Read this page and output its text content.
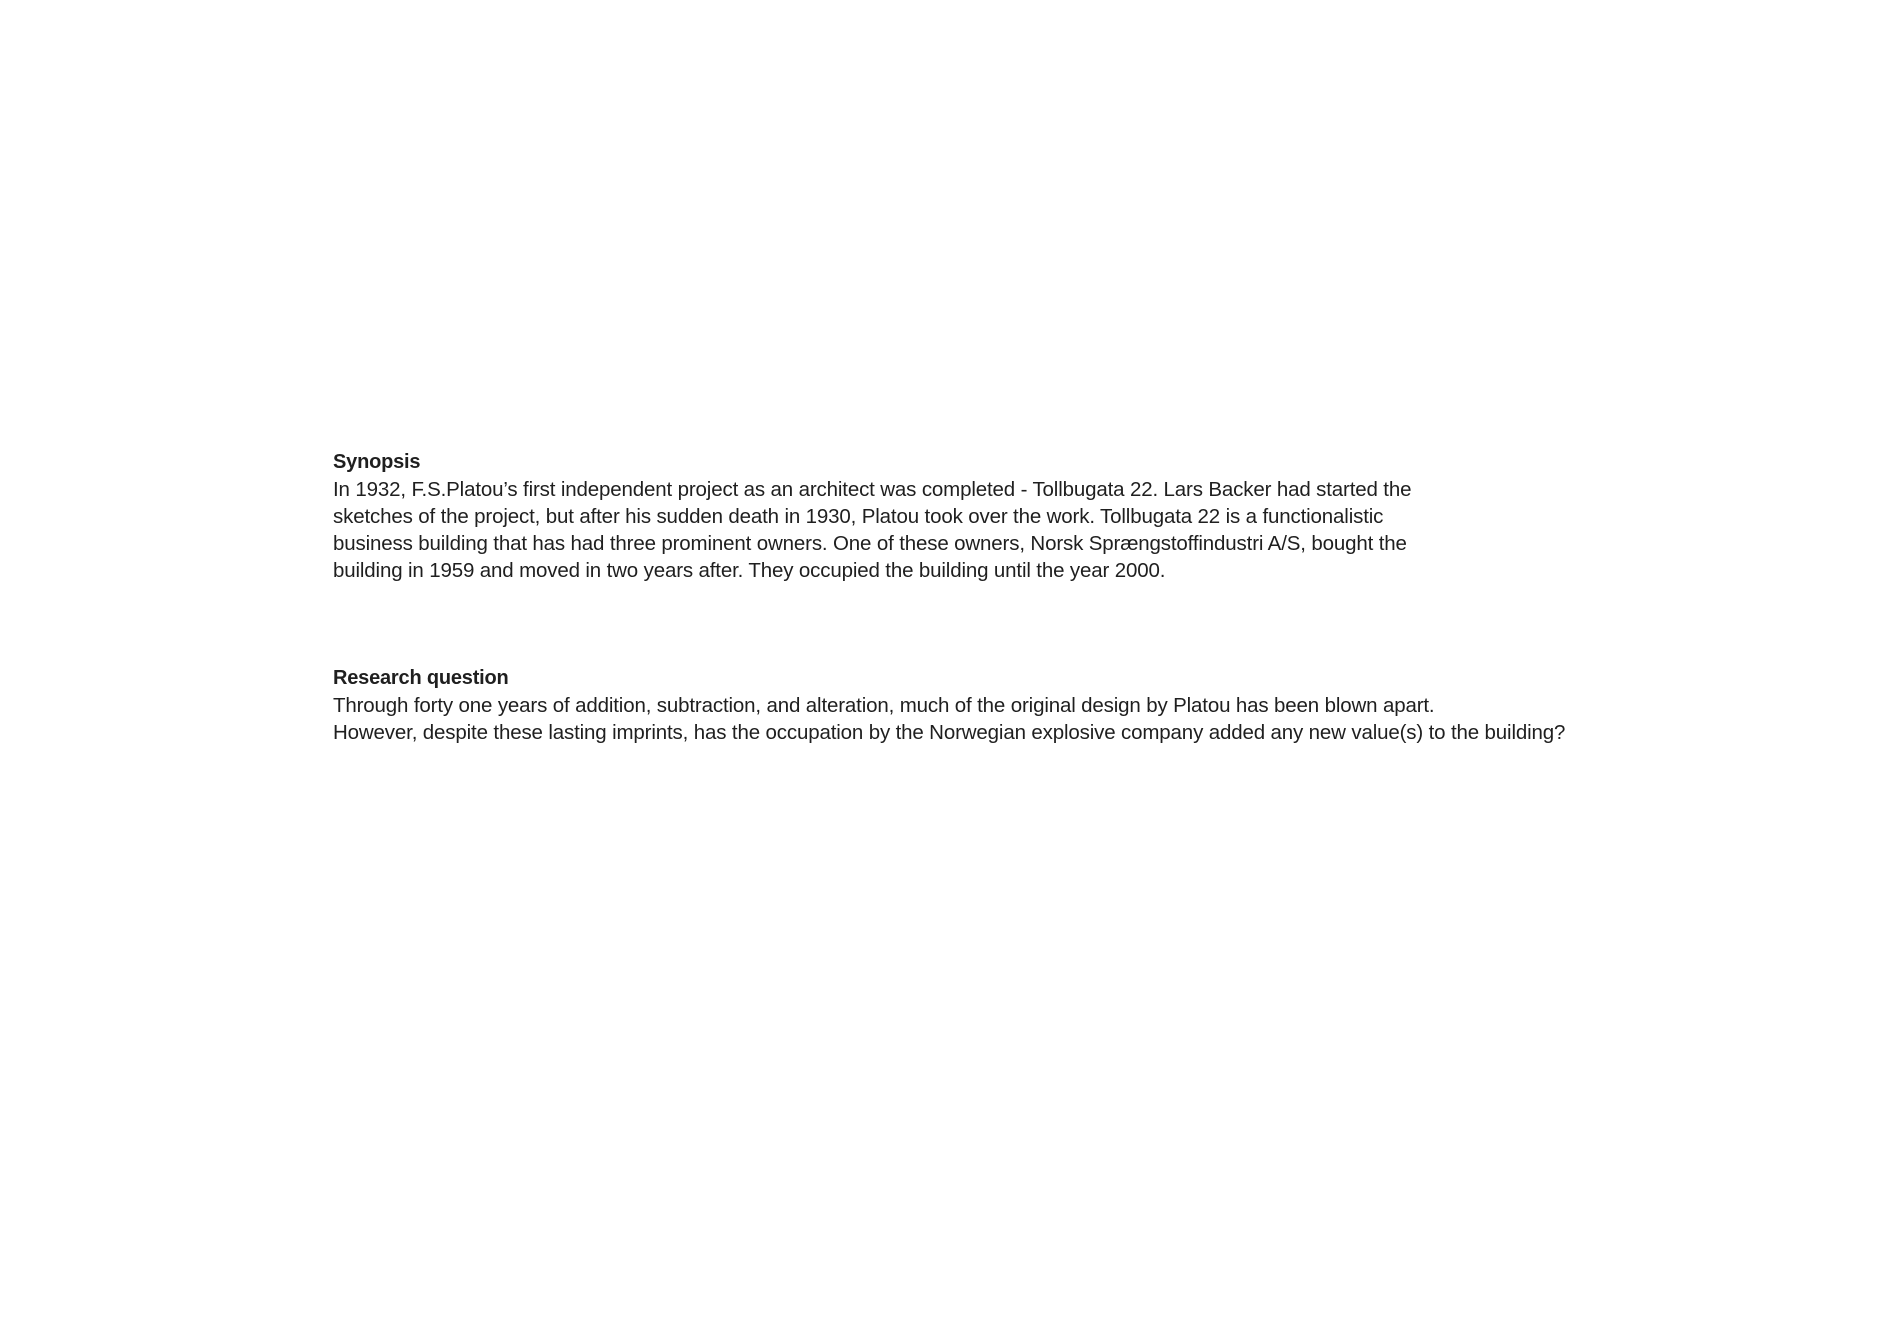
Synopsis

In 1932, F.S.Platou’s first independent project as an architect was completed - Tollbugata 22. Lars Backer had started the

sketches of the project, but after his sudden death in 1930, Platou took over the work. Tollbugata 22 is a functionalistic

business building that has had three prominent owners. One of these owners, Norsk Sprængstoffindustri A/S, bought the

building in 1959 and moved in two years after. They occupied the building until the year 2000.

Research question

Through forty one years of addition, subtraction, and alteration, much of the original design by Platou has been blown apart.

However, despite these lasting imprints, has the occupation by the Norwegian explosive company added any new value(s) to the building?
